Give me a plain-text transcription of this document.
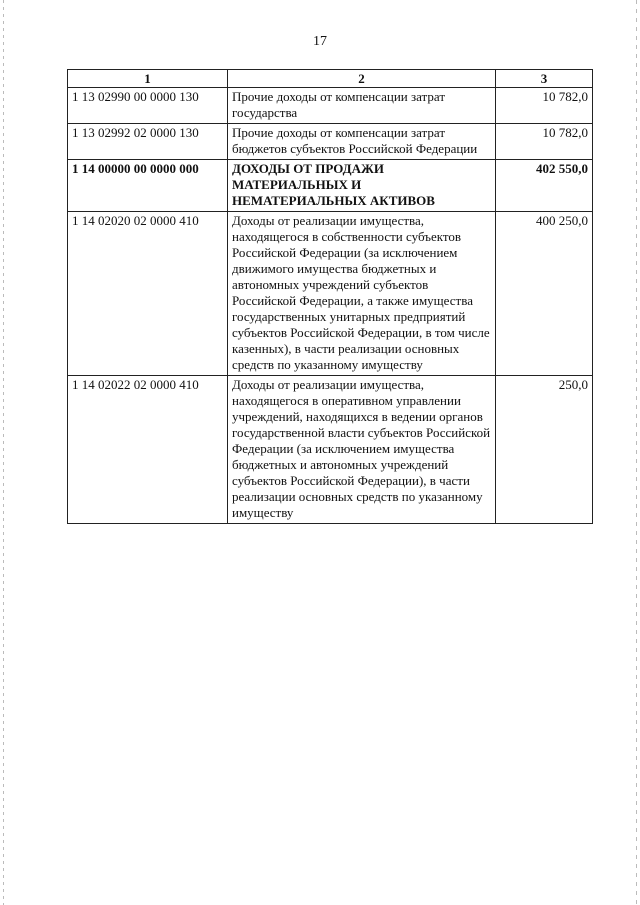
17
1	2	3
1 13 02990 00 0000 130	Прочие доходы от компенсации затрат государства	10 782,0
1 13 02992 02 0000 130	Прочие доходы от компенсации затрат бюджетов субъектов Российской Федерации	10 782,0
1 14 00000 00 0000 000	ДОХОДЫ ОТ ПРОДАЖИ МАТЕРИАЛЬНЫХ И НЕМАТЕРИАЛЬНЫХ АКТИВОВ	402 550,0
1 14 02020 02 0000 410	Доходы от реализации имущества, находящегося в собственности субъектов Российской Федерации (за исключением движимого имущества бюджетных и автономных учреждений субъектов Российской Федерации, а также имущества государственных унитарных предприятий субъектов Российской Федерации, в том числе казенных), в части реализации основных средств по указанному имуществу	400 250,0
1 14 02022 02 0000 410	Доходы от реализации имущества, находящегося в оперативном управлении учреждений, находящихся в ведении органов государственной власти субъектов Российской Федерации (за исключением имущества бюджетных и автономных учреждений субъектов Российской Федерации), в части реализации основных средств по указанному имуществу	250,0
